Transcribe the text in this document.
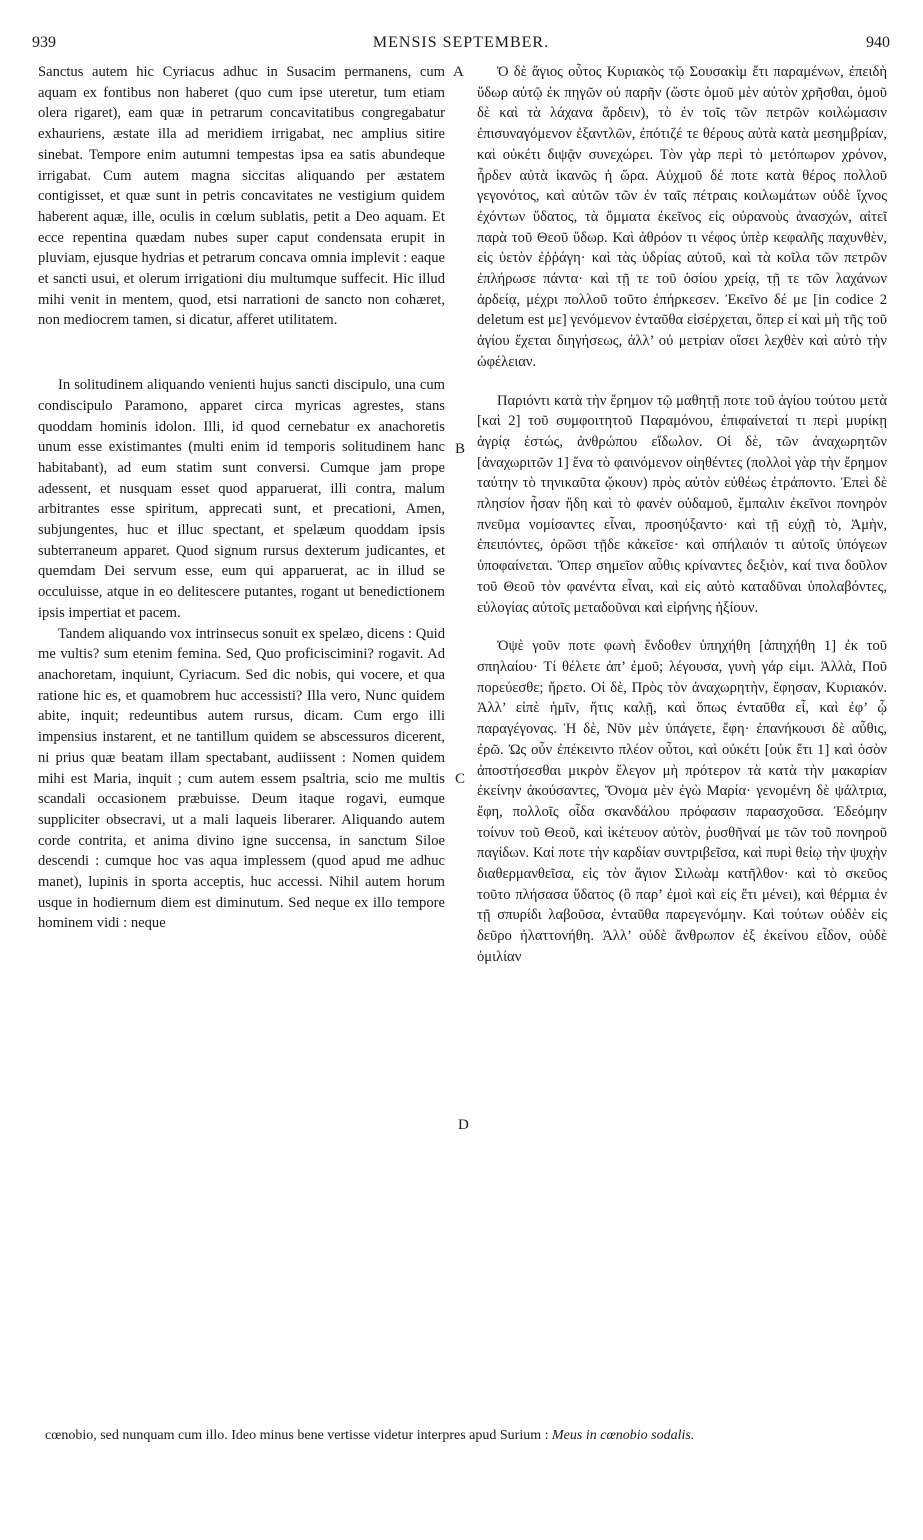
939	MENSIS SEPTEMBER.	940

Sanctus autem hic Cyriacus adhuc in Susacim permanens, cum aquam ex fontibus non haberet (quo cum ipse uteretur, tum etiam olera rigaret), eam quæ in petrarum concavitatibus congregabatur exhauriens, æstate illa ad meridiem irrigabat, nec amplius sitire sinebat. Tempore enim autumni tempestas ipsa ea satis abundeque irrigabat. Cum autem magna siccitas aliquando per æstatem contigisset, et quæ sunt in petris concavitates ne vestigium quidem haberent aquæ, ille, oculis in cœlum sublatis, petit a Deo aquam. Et ecce repentina quædam nubes super caput condensata erupit in pluviam, ejusque hydrias et petrarum concava omnia implevit : eaque et sancti usui, et olerum irrigationi diu multumque suffecit. Hic illud mihi venit in mentem, quod, etsi narrationi de sancto non cohæret, non mediocrem tamen, si dicatur, afferet utilitatem.

In solitudinem aliquando venienti hujus sancti discipulo, una cum condiscipulo Paramono, apparet circa myricas agrestes, stans quoddam hominis idolon. Illi, id quod cernebatur ex anachoretis unum esse existimantes (multi enim id temporis solitudinem hanc habitabant), ad eum statim sunt conversi. Cumque jam prope adessent, et nusquam esset quod apparuerat, illi contra, malum arbitrantes esse spiritum, apprecati sunt, et precationi, Amen, subjungentes, huc et illuc spectant, et spelæum quoddam ipsis subterraneum apparet. Quod signum rursus dexterum judicantes, et quemdam Dei servum esse, eum qui apparuerat, ac in illud se occuluisse, atque in eo delitescere putantes, rogant ut benedictionem ipsis impertiat et pacem.

Tandem aliquando vox intrinsecus sonuit ex spelæo, dicens : Quid me vultis? sum etenim femina. Sed, Quo proficiscimini? rogavit. Ad anachoretam, inquiunt, Cyriacum. Sed dic nobis, qui vocere, et qua ratione hic es, et quamobrem huc accessisti? Illa vero, Nunc quidem abite, inquit; redeuntibus autem rursus, dicam. Cum ergo illi impensius instarent, et ne tantillum quidem se abscessuros dicerent, ni prius quæ beatam illam spectabant, audiissent : Nomen quidem mihi est Maria, inquit ; cum autem essem psaltria, scio me multis scandali occasionem præbuisse. Deum itaque rogavi, eumque suppliciter obsecravi, ut a mali laqueis liberarer. Aliquando autem corde contrita, et anima divino igne succensa, in sanctum Siloe descendi : cumque hoc vas aqua implessem (quod apud me adhuc manet), lupinis in sporta acceptis, huc accessi. Nihil autem horum usque in hodiernum diem est diminutum. Sed neque ex illo tempore hominem vidi : neque

A
B
C
D

Ὁ δὲ ἅγιος οὗτος Κυριακὸς τῷ Σουσακὶμ ἔτι παραμένων, ἐπειδὴ ὕδωρ αὐτῷ ἐκ πηγῶν οὐ παρῆν (ὥστε ὁμοῦ μὲν αὐτὸν χρῆσθαι, ὁμοῦ δὲ καὶ τὰ λάχανα ἄρδειν), τὸ ἐν τοῖς τῶν πετρῶν κοιλώμασιν ἐπισυναγόμενον ἐξαντλῶν, ἐπότιζέ τε θέρους αὐτὰ κατὰ μεσημβρίαν, καὶ οὐκέτι διψᾷν συνεχώρει. Τὸν γὰρ περὶ τὸ μετόπωρον χρόνον, ἦρδεν αὐτὰ ἱκανῶς ἡ ὥρα. Αὐχμοῦ δέ ποτε κατὰ θέρος πολλοῦ γεγονότος, καὶ αὐτῶν τῶν ἐν ταῖς πέτραις κοιλωμάτων οὐδὲ ἴχνος ἐχόντων ὕδατος, τὰ ὄμματα ἐκεῖνος εἰς οὐρανοὺς ἀνασχών, αἰτεῖ παρὰ τοῦ Θεοῦ ὕδωρ. Καὶ ἀθρόον τι νέφος ὑπὲρ κεφαλῆς παχυνθὲν, εἰς ὑετὸν ἐῤῥάγη· καὶ τὰς ὑδρίας αὐτοῦ, καὶ τὰ κοῖλα τῶν πετρῶν ἐπλήρωσε πάντα· καὶ τῇ τε τοῦ ὁσίου χρείᾳ, τῇ τε τῶν λαχάνων ἀρδείᾳ, μέχρι πολλοῦ τοῦτο ἐπήρκεσεν. Ἐκεῖνο δέ με [in codice 2 deletum est με] γενόμενον ἐνταῦθα εἰσέρχεται, ὅπερ εἰ καὶ μὴ τῆς τοῦ ἁγίου ἔχεται διηγήσεως, ἀλλ’ οὐ μετρίαν οἴσει λεχθὲν καὶ αὐτὸ τὴν ὠφέλειαν.

Παριόντι κατὰ τὴν ἔρημον τῷ μαθητῇ ποτε τοῦ ἁγίου τούτου μετὰ [καὶ 2] τοῦ συμφοιτητοῦ Παραμόνου, ἐπιφαίνεταί τι περὶ μυρίκῃ ἀγρίᾳ ἑστώς, ἀνθρώπου εἴδωλον. Οἱ δὲ, τῶν ἀναχωρητῶν [ἀναχωριτῶν 1] ἕνα τὸ φαινόμενον οἰηθέντες (πολλοὶ γὰρ τὴν ἔρημον ταύτην τὸ τηνικαῦτα ᾤκουν) πρὸς αὐτὸν εὐθέως ἐτράποντο. Ἐπεὶ δὲ πλησίον ἦσαν ἤδη καὶ τὸ φανὲν οὐδαμοῦ, ἔμπαλιν ἐκεῖνοι πονηρὸν πνεῦμα νομίσαντες εἶναι, προσηύξαντο· καὶ τῇ εὐχῇ τὸ, Ἀμὴν, ἐπειπόντες, ὁρῶσι τῇδε κἀκεῖσε· καὶ σπήλαιόν τι αὐτοῖς ὑπόγεων ὑποφαίνεται. Ὅπερ σημεῖον αὖθις κρίναντες δεξιὸν, καί τινα δοῦλον τοῦ Θεοῦ τὸν φανέντα εἶναι, καὶ εἰς αὐτὸ καταδῦναι ὑπολαβόντες, εὐλογίας αὐτοῖς μεταδοῦναι καὶ εἰρήνης ἠξίουν.

Ὀψὲ γοῦν ποτε φωνὴ ἔνδοθεν ὑπηχήθη [ἀπηχήθη 1] ἐκ τοῦ σπηλαίου· Τί θέλετε ἀπ’ ἐμοῦ; λέγουσα, γυνὴ γάρ εἰμι. Ἀλλὰ, Ποῦ πορεύεσθε; ἤρετο. Οἱ δὲ, Πρὸς τὸν ἀναχωρητὴν, ἔφησαν, Κυριακόν. Ἀλλ’ εἰπὲ ἡμῖν, ἥτις καλῇ, καὶ ὅπως ἐνταῦθα εἶ, καὶ ἐφ’ ᾧ παραγέγονας. Ἡ δὲ, Νῦν μὲν ὑπάγετε, ἔφη· ἐπανήκουσι δὲ αὖθις, ἐρῶ. Ὡς οὖν ἐπέκειντο πλέον οὗτοι, καὶ οὐκέτι [οὐκ ἔτι 1] καὶ ὁσὸν ἀποστήσεσθαι μικρὸν ἔλεγον μὴ πρότερον τὰ κατὰ τὴν μακαρίαν ἐκείνην ἀκούσαντες, Ὄνομα μὲν ἐγὼ Μαρία· γενομένη δὲ ψάλτρια, ἔφη, πολλοῖς οἶδα σκανδάλου πρόφασιν παρασχοῦσα. Ἐδεόμην τοίνυν τοῦ Θεοῦ, καὶ ἱκέτευον αὐτὸν, ῥυσθῆναί με τῶν τοῦ πονηροῦ παγίδων. Καί ποτε τὴν καρδίαν συντριβεῖσα, καὶ πυρὶ θείῳ τὴν ψυχὴν διαθερμανθεῖσα, εἰς τὸν ἅγιον Σιλωὰμ κατῆλθον· καὶ τὸ σκεῦος τοῦτο πλήσασα ὕδατος (ὃ παρ’ ἐμοὶ καὶ εἰς ἔτι μένει), καὶ θέρμια ἐν τῇ σπυρίδι λαβοῦσα, ἐνταῦθα παρεγενόμην. Καὶ τούτων οὐδὲν εἰς δεῦρο ἠλαττονήθη. Ἀλλ’ οὐδὲ ἄνθρωπον ἐξ ἐκείνου εἶδον, οὐδὲ ὁμιλίαν

cœnobio, sed nunquam cum illo. Ideo minus bene vertisse videtur interpres apud Surium : Meus in cœnobio sodalis.
